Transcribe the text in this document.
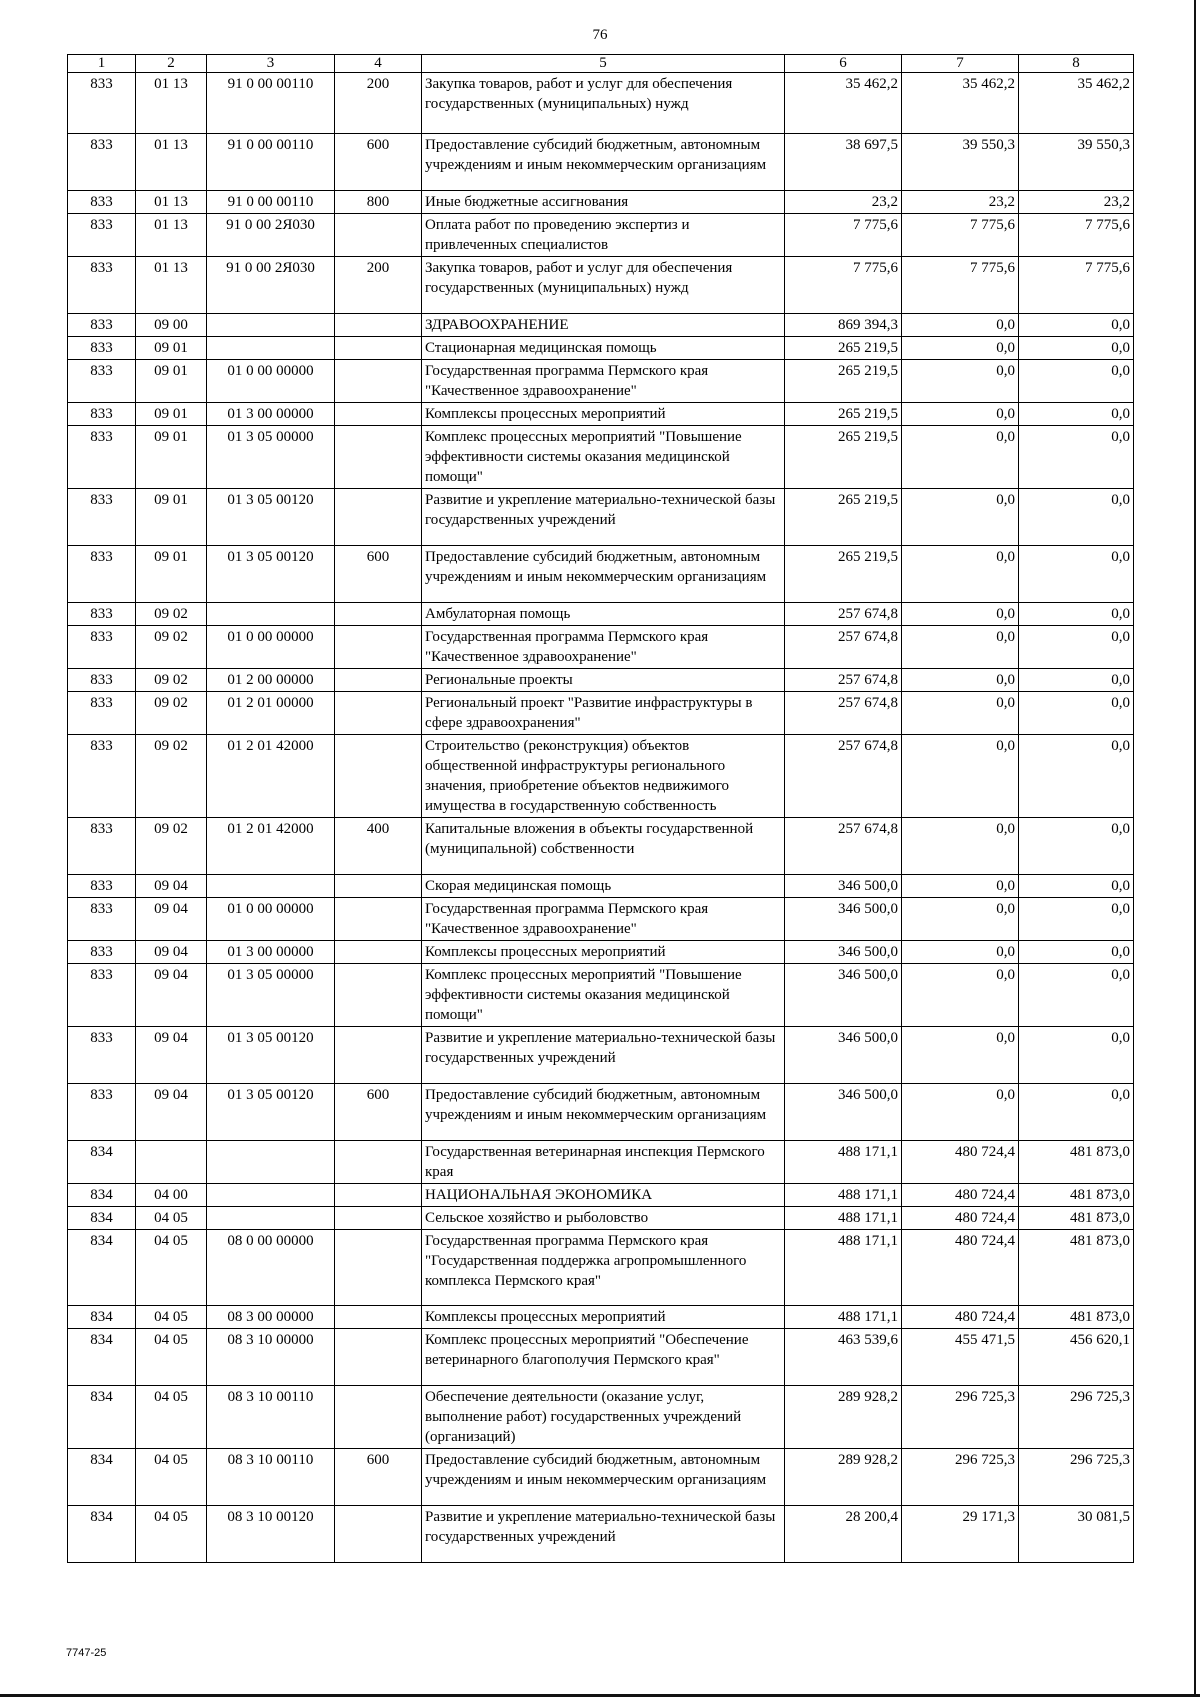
76
1	2	3	4	5	6	7	8
833	01 13	91 0 00 00110	200	Закупка товаров, работ и услуг для обеспечения государственных (муниципальных) нужд	35 462,2	35 462,2	35 462,2
833	01 13	91 0 00 00110	600	Предоставление субсидий бюджетным, автономным учреждениям и иным некоммерческим организациям	38 697,5	39 550,3	39 550,3
833	01 13	91 0 00 00110	800	Иные бюджетные ассигнования	23,2	23,2	23,2
833	01 13	91 0 00 2Я030		Оплата работ по проведению экспертиз и привлеченных специалистов	7 775,6	7 775,6	7 775,6
833	01 13	91 0 00 2Я030	200	Закупка товаров, работ и услуг для обеспечения государственных (муниципальных) нужд	7 775,6	7 775,6	7 775,6
833	09 00			ЗДРАВООХРАНЕНИЕ	869 394,3	0,0	0,0
833	09 01			Стационарная медицинская помощь	265 219,5	0,0	0,0
833	09 01	01 0 00 00000		Государственная программа Пермского края "Качественное здравоохранение"	265 219,5	0,0	0,0
833	09 01	01 3 00 00000		Комплексы процессных мероприятий	265 219,5	0,0	0,0
833	09 01	01 3 05 00000		Комплекс процессных мероприятий "Повышение эффективности системы оказания медицинской помощи"	265 219,5	0,0	0,0
833	09 01	01 3 05 00120		Развитие и укрепление материально-технической базы государственных учреждений	265 219,5	0,0	0,0
833	09 01	01 3 05 00120	600	Предоставление субсидий бюджетным, автономным учреждениям и иным некоммерческим организациям	265 219,5	0,0	0,0
833	09 02			Амбулаторная помощь	257 674,8	0,0	0,0
833	09 02	01 0 00 00000		Государственная программа Пермского края "Качественное здравоохранение"	257 674,8	0,0	0,0
833	09 02	01 2 00 00000		Региональные проекты	257 674,8	0,0	0,0
833	09 02	01 2 01 00000		Региональный проект "Развитие инфраструктуры в сфере здравоохранения"	257 674,8	0,0	0,0
833	09 02	01 2 01 42000		Строительство (реконструкция) объектов общественной инфраструктуры регионального значения, приобретение объектов недвижимого имущества в государственную собственность	257 674,8	0,0	0,0
833	09 02	01 2 01 42000	400	Капитальные вложения в объекты государственной (муниципальной) собственности	257 674,8	0,0	0,0
833	09 04			Скорая медицинская помощь	346 500,0	0,0	0,0
833	09 04	01 0 00 00000		Государственная программа Пермского края "Качественное здравоохранение"	346 500,0	0,0	0,0
833	09 04	01 3 00 00000		Комплексы процессных мероприятий	346 500,0	0,0	0,0
833	09 04	01 3 05 00000		Комплекс процессных мероприятий "Повышение эффективности системы оказания медицинской помощи"	346 500,0	0,0	0,0
833	09 04	01 3 05 00120		Развитие и укрепление материально-технической базы государственных учреждений	346 500,0	0,0	0,0
833	09 04	01 3 05 00120	600	Предоставление субсидий бюджетным, автономным учреждениям и иным некоммерческим организациям	346 500,0	0,0	0,0
834				Государственная ветеринарная инспекция Пермского края	488 171,1	480 724,4	481 873,0
834	04 00			НАЦИОНАЛЬНАЯ ЭКОНОМИКА	488 171,1	480 724,4	481 873,0
834	04 05			Сельское хозяйство и рыболовство	488 171,1	480 724,4	481 873,0
834	04 05	08 0 00 00000		Государственная программа Пермского края "Государственная поддержка агропромышленного комплекса Пермского края"	488 171,1	480 724,4	481 873,0
834	04 05	08 3 00 00000		Комплексы процессных мероприятий	488 171,1	480 724,4	481 873,0
834	04 05	08 3 10 00000		Комплекс процессных мероприятий "Обеспечение ветеринарного благополучия Пермского края"	463 539,6	455 471,5	456 620,1
834	04 05	08 3 10 00110		Обеспечение деятельности (оказание услуг, выполнение работ) государственных учреждений (организаций)	289 928,2	296 725,3	296 725,3
834	04 05	08 3 10 00110	600	Предоставление субсидий бюджетным, автономным учреждениям и иным некоммерческим организациям	289 928,2	296 725,3	296 725,3
834	04 05	08 3 10 00120		Развитие и укрепление материально-технической базы государственных учреждений	28 200,4	29 171,3	30 081,5
7747-25
